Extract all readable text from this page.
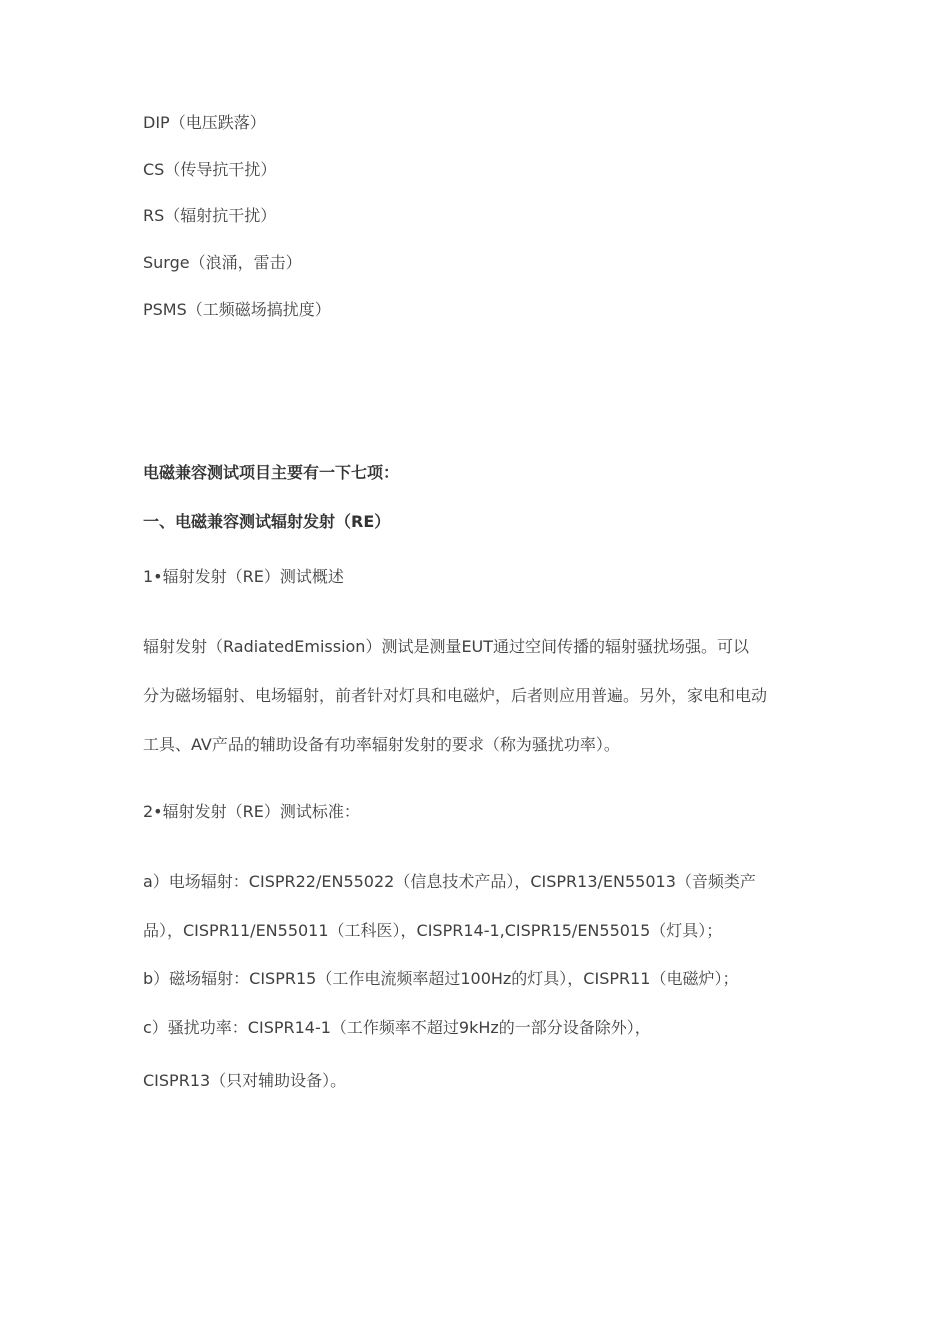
DIP（电压跌落）
CS（传导抗干扰）
RS（辐射抗干扰）
Surge（浪涌，雷击）
PSMS（工频磁场搞扰度）
电磁兼容测试项目主要有一下七项：
一、电磁兼容测试辐射发射（RE）
1•辐射发射（RE）测试概述
辐射发射（RadiatedEmission）测试是测量EUT通过空间传播的辐射骚扰场强。可以
分为磁场辐射、电场辐射，前者针对灯具和电磁炉，后者则应用普遍。另外，家电和电动
工具、AV产品的辅助设备有功率辐射发射的要求（称为骚扰功率）。
2•辐射发射（RE）测试标准：
a）电场辐射：CISPR22/EN55022（信息技术产品），CISPR13/EN55013（音频类产
品），CISPR11/EN55011（工科医），CISPR14-1,CISPR15/EN55015（灯具）；
b）磁场辐射：CISPR15（工作电流频率超过100Hz的灯具），CISPR11（电磁炉）；
c）骚扰功率：CISPR14-1（工作频率不超过9kHz的一部分设备除外），
CISPR13（只对辅助设备）。
